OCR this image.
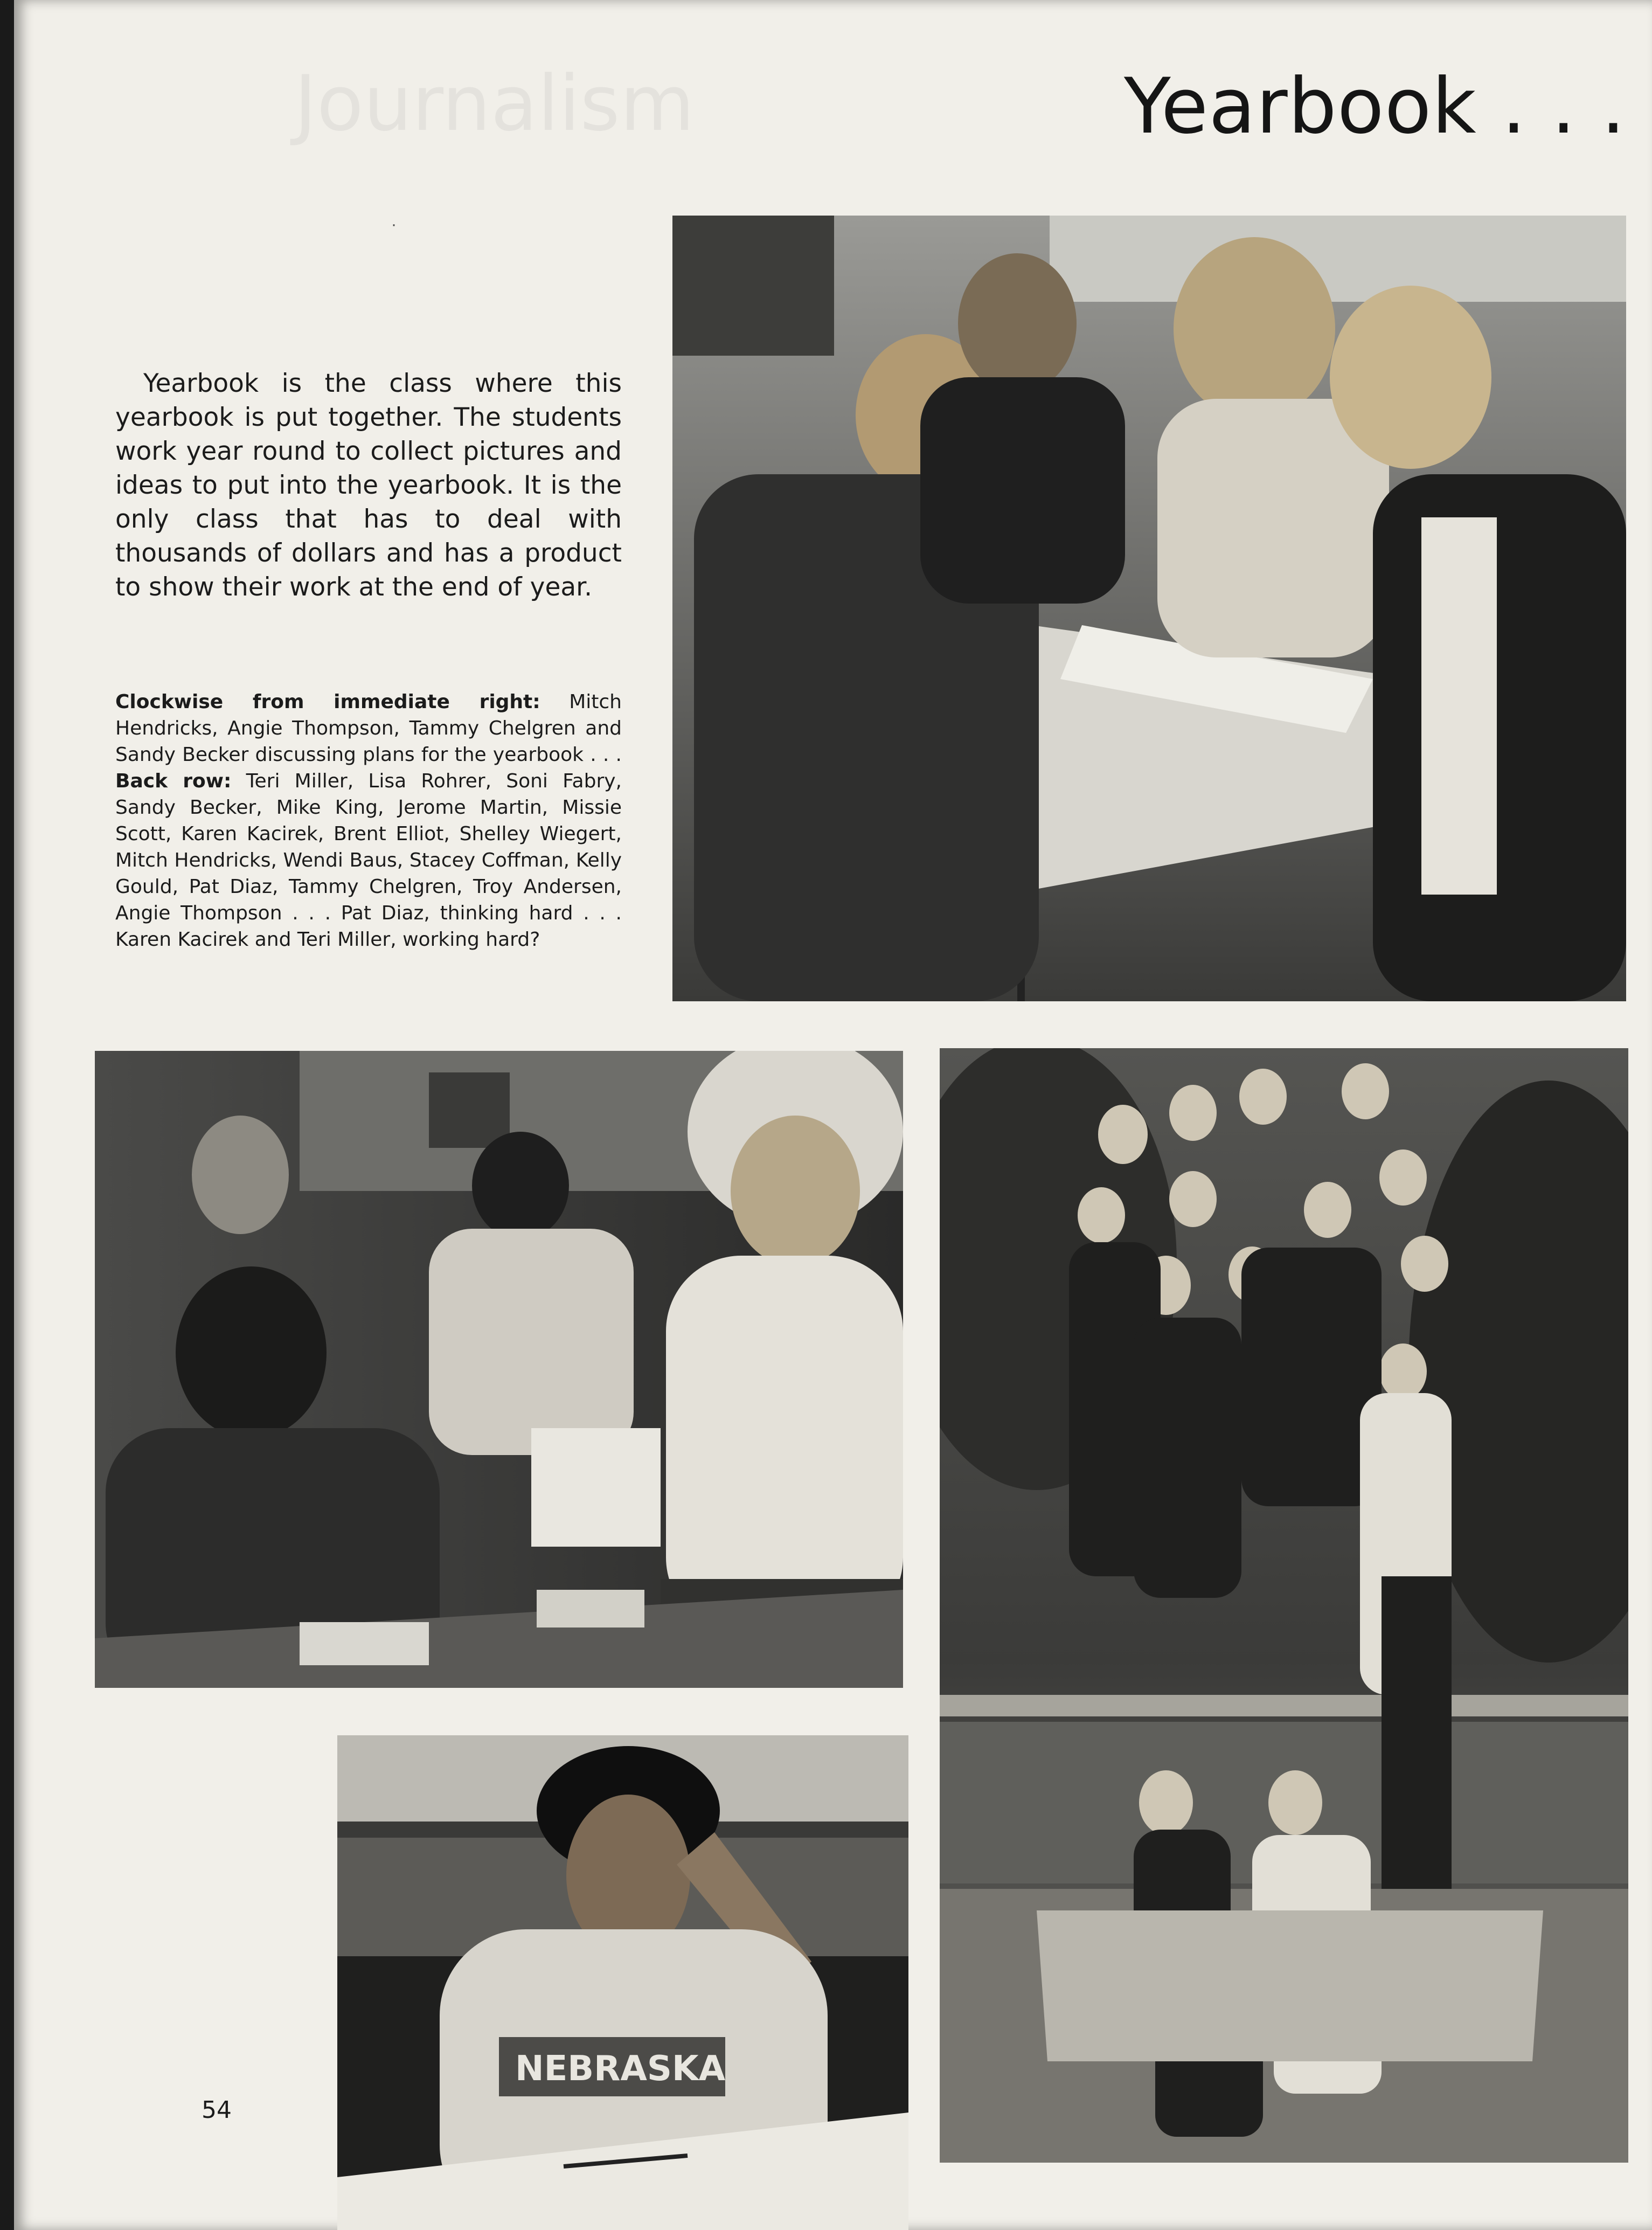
Journalism	Yearbook . . .
·

Yearbook is the class where this yearbook is put together. The students work year round to collect pictures and ideas to put into the yearbook. It is the only class that has to deal with thousands of dollars and has a product to show their work at the end of year.

Clockwise from immediate right: Mitch Hendricks, Angie Thompson, Tammy Chelgren and Sandy Becker discussing plans for the yearbook . . . Back row: Teri Miller, Lisa Rohrer, Soni Fabry, Sandy Becker, Mike King, Jerome Martin, Missie Scott, Karen Kacirek, Brent Elliot, Shelley Wiegert, Mitch Hendricks, Wendi Baus, Stacey Coffman, Kelly Gould, Pat Diaz, Tammy Chelgren, Troy Andersen, Angie Thompson . . . Pat Diaz, thinking hard . . . Karen Kacirek and Teri Miller, working hard?

NEBRASKA
54
